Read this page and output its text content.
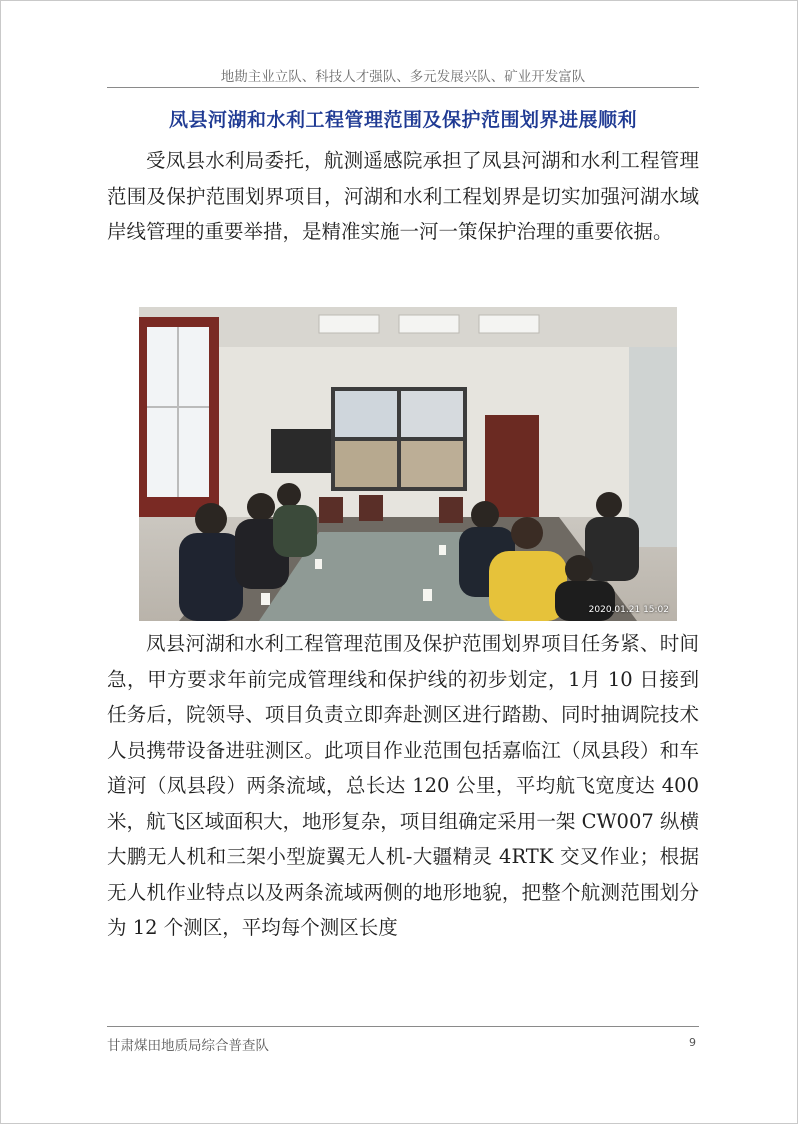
地勘主业立队、科技人才强队、多元发展兴队、矿业开发富队
凤县河湖和水利工程管理范围及保护范围划界进展顺利
受凤县水利局委托，航测遥感院承担了凤县河湖和水利工程管理范围及保护范围划界项目，河湖和水利工程划界是切实加强河湖水域岸线管理的重要举措，是精准实施一河一策保护治理的重要依据。
2020.01.21 15:02
凤县河湖和水利工程管理范围及保护范围划界项目任务紧、时间急，甲方要求年前完成管理线和保护线的初步划定，1月 10 日接到任务后，院领导、项目负责立即奔赴测区进行踏勘、同时抽调院技术人员携带设备进驻测区。此项目作业范围包括嘉临江（凤县段）和车道河（凤县段）两条流域，总长达 120 公里，平均航飞宽度达 400 米，航飞区域面积大，地形复杂，项目组确定采用一架 CW007 纵横大鹏无人机和三架小型旋翼无人机-大疆精灵 4RTK 交叉作业；根据无人机作业特点以及两条流域两侧的地形地貌，把整个航测范围划分为 12 个测区，平均每个测区长度
甘肃煤田地质局综合普查队	9
